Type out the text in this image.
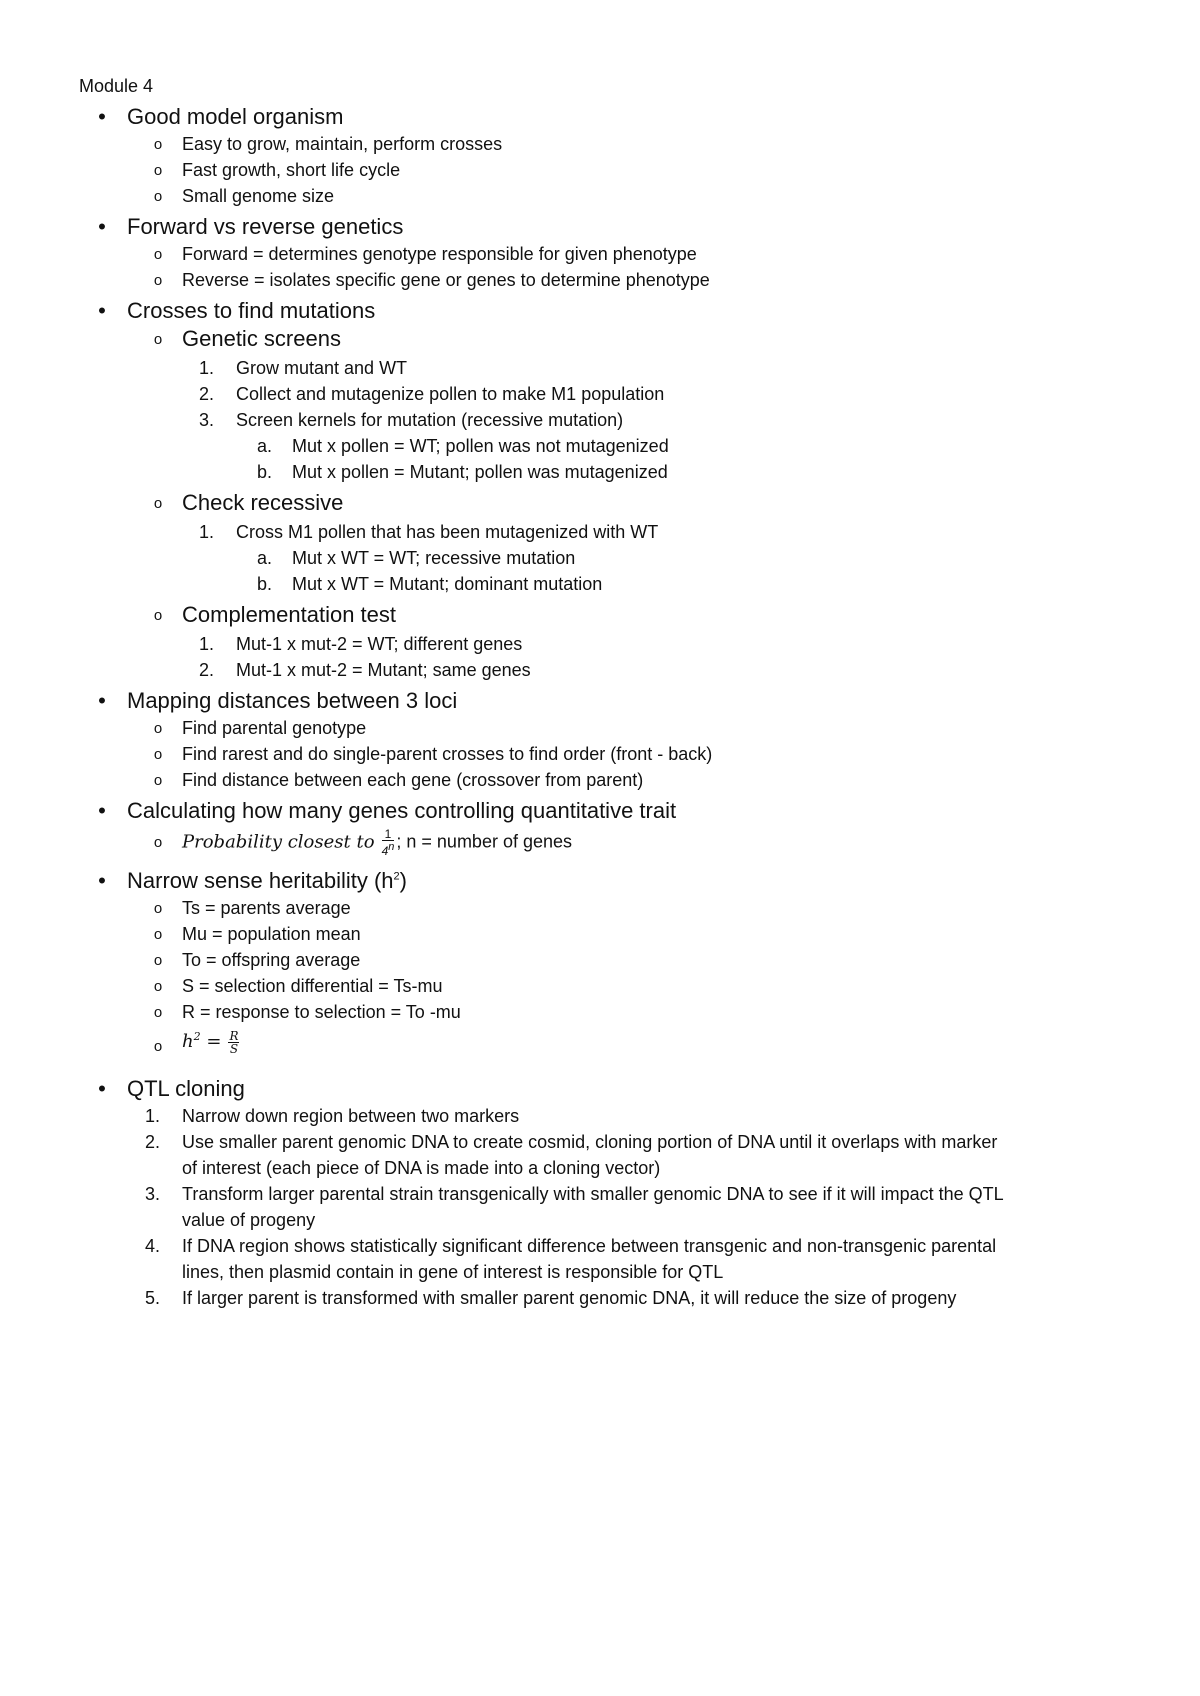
Module 4
• Good model organism
o Easy to grow, maintain, perform crosses
o Fast growth, short life cycle
o Small genome size
• Forward vs reverse genetics
o Forward = determines genotype responsible for given phenotype
o Reverse = isolates specific gene or genes to determine phenotype
• Crosses to find mutations
o Genetic screens
1. Grow mutant and WT
2. Collect and mutagenize pollen to make M1 population
3. Screen kernels for mutation (recessive mutation)
a. Mut x pollen = WT; pollen was not mutagenized
b. Mut x pollen = Mutant; pollen was mutagenized
o Check recessive
1. Cross M1 pollen that has been mutagenized with WT
a. Mut x WT = WT; recessive mutation
b. Mut x WT = Mutant; dominant mutation
o Complementation test
1. Mut-1 x mut-2 = WT; different genes
2. Mut-1 x mut-2 = Mutant; same genes
• Mapping distances between 3 loci
o Find parental genotype
o Find rarest and do single-parent crosses to find order (front - back)
o Find distance between each gene (crossover from parent)
• Calculating how many genes controlling quantitative trait
o Probability closest to $\frac{1}{4^n}$ ; n = number of genes
• Narrow sense heritability $(h^2)$
o Ts = parents average
o Mu = population mean
o To = offspring average
o S = selection differential = Ts-mu
o R = response to selection = To -mu
o $h^2 = \frac{R}{S}$
• QTL cloning
1. Narrow down region between two markers
2. Use smaller parent genomic DNA to create cosmid, cloning portion of DNA until it overlaps with marker
of interest (each piece of DNA is made into a cloning vector)
3. Transform larger parental strain transgenically with smaller genomic DNA to see if it will impact the QTL
value of progeny
4. If DNA region shows statistically significant difference between transgenic and non-transgenic parental
lines, then plasmid contain in gene of interest is responsible for QTL
5. If larger parent is transformed with smaller parent genomic DNA, it will reduce the size of progeny
